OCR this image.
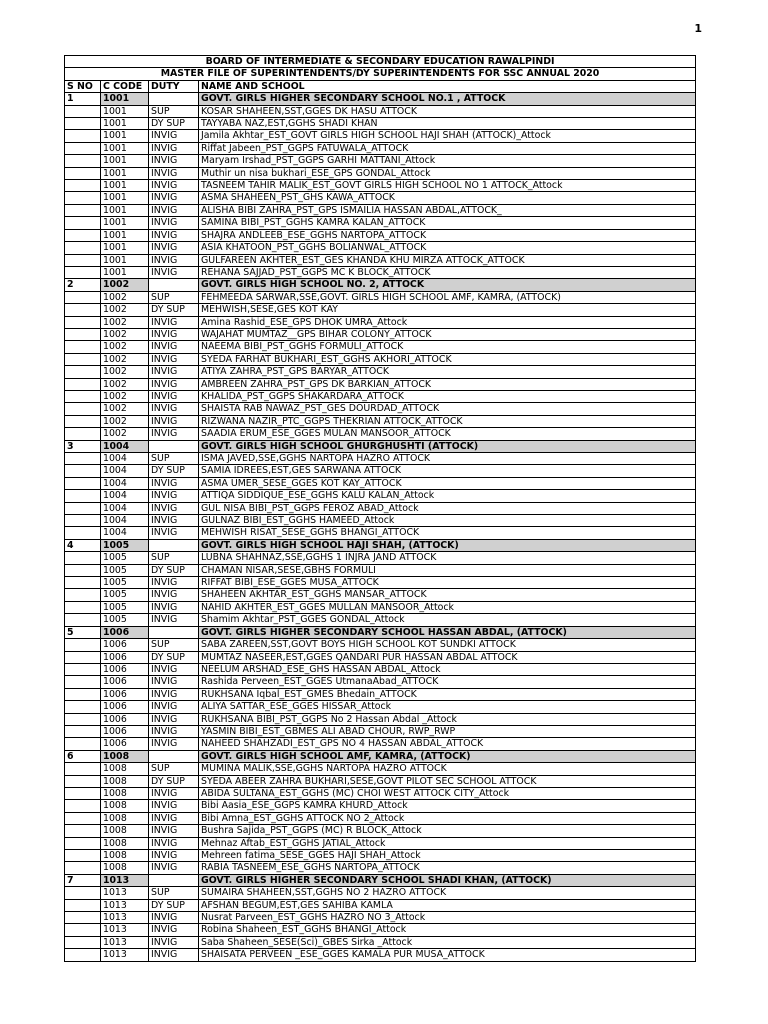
1
BOARD OF INTERMEDIATE & SECONDARY EDUCATION RAWALPINDI			
MASTER FILE OF SUPERINTENDENTS/DY SUPERINTENDENTS FOR SSC ANNUAL 2020			
S NO	C CODE	DUTY	NAME AND SCHOOL
1	1001		GOVT. GIRLS HIGHER SECONDARY SCHOOL NO.1 , ATTOCK
	1001	SUP	KOSAR SHAHEEN,SST,GGES DK HASU ATTOCK
	1001	DY SUP	TAYYABA NAZ,EST,GGHS SHADI KHAN
	1001	INVIG	Jamila Akhtar_EST_GOVT GIRLS HIGH SCHOOL HAJI SHAH (ATTOCK)_Attock
	1001	INVIG	Riffat Jabeen_PST_GGPS FATUWALA_ATTOCK
	1001	INVIG	Maryam Irshad_PST_GGPS GARHI MATTANI_Attock
	1001	INVIG	Muthir un nisa bukhari_ESE_GPS GONDAL_Attock
	1001	INVIG	TASNEEM TAHIR MALIK_EST_GOVT GIRLS HIGH SCHOOL NO 1 ATTOCK_Attock
	1001	INVIG	ASMA SHAHEEN_PST_GHS KAWA_ATTOCK
	1001	INVIG	ALISHA BIBI ZAHRA_PST_GPS ISMAILIA HASSAN ABDAL,ATTOCK_
	1001	INVIG	SAMINA BIBI_PST_GGHS KAMRA KALAN_ATTOCK
	1001	INVIG	SHAJRA ANDLEEB_ESE_GGHS NARTOPA_ATTOCK
	1001	INVIG	ASIA KHATOON_PST_GGHS BOLIANWAL_ATTOCK
	1001	INVIG	GULFAREEN AKHTER_EST_GES KHANDA KHU MIRZA ATTOCK_ATTOCK
	1001	INVIG	REHANA SAJJAD_PST_GGPS MC K BLOCK_ATTOCK
2	1002		GOVT. GIRLS HIGH SCHOOL NO. 2, ATTOCK
	1002	SUP	FEHMEEDA SARWAR,SSE,GOVT. GIRLS HIGH SCHOOL AMF, KAMRA, (ATTOCK)
	1002	DY SUP	MEHWISH,SESE,GES KOT KAY
	1002	INVIG	Amina Rashid_ESE_GPS DHOK UMRA_Attock
	1002	INVIG	WAJAHAT MUMTAZ__GPS BIHAR COLONY_ATTOCK
	1002	INVIG	NAEEMA BIBI_PST_GGHS FORMULI_ATTOCK
	1002	INVIG	SYEDA FARHAT BUKHARI_EST_GGHS AKHORI_ATTOCK
	1002	INVIG	ATIYA ZAHRA_PST_GPS BARYAR_ATTOCK
	1002	INVIG	AMBREEN ZAHRA_PST_GPS DK BARKIAN_ATTOCK
	1002	INVIG	KHALIDA_PST_GGPS SHAKARDARA_ATTOCK
	1002	INVIG	SHAISTA RAB NAWAZ_PST_GES DOURDAD_ATTOCK
	1002	INVIG	RIZWANA NAZIR_PTC_GGPS THEKRIAN ATTOCK_ATTOCK
	1002	INVIG	SAADIA ERUM_ESE_GGES MULAN MANSOOR_ATTOCK
3	1004		GOVT. GIRLS HIGH SCHOOL GHURGHUSHTI (ATTOCK)
	1004	SUP	ISMA JAVED,SSE,GGHS NARTOPA HAZRO ATTOCK
	1004	DY SUP	SAMIA IDREES,EST,GES SARWANA ATTOCK
	1004	INVIG	ASMA UMER_SESE_GGES KOT KAY_ATTOCK
	1004	INVIG	ATTIQA SIDDIQUE_ESE_GGHS KALU KALAN_Attock
	1004	INVIG	GUL NISA BIBI_PST_GGPS FEROZ ABAD_Attock
	1004	INVIG	GULNAZ BIBI_EST_GGHS HAMEED_Attock
	1004	INVIG	MEHWISH RISAT_SESE_GGHS BHANGI_ATTOCK
4	1005		GOVT. GIRLS HIGH SCHOOL HAJI SHAH, (ATTOCK)
	1005	SUP	LUBNA SHAHNAZ,SSE,GGHS 1 INJRA JAND ATTOCK
	1005	DY SUP	CHAMAN NISAR,SESE,GBHS FORMULI
	1005	INVIG	RIFFAT BIBI_ESE_GGES MUSA_ATTOCK
	1005	INVIG	SHAHEEN AKHTAR_EST_GGHS MANSAR_ATTOCK
	1005	INVIG	NAHID AKHTER_EST_GGES MULLAN MANSOOR_Attock
	1005	INVIG	Shamim Akhtar_PST_GGES GONDAL_Attock
5	1006		GOVT. GIRLS HIGHER SECONDARY SCHOOL HASSAN ABDAL, (ATTOCK)
	1006	SUP	SABA ZAREEN,SST,GOVT BOYS HIGH SCHOOL KOT SUNDKI ATTOCK
	1006	DY SUP	MUMTAZ NASEER,EST,GGES QANDARI PUR HASSAN ABDAL ATTOCK
	1006	INVIG	NEELUM ARSHAD_ESE_GHS HASSAN ABDAL_Attock
	1006	INVIG	Rashida Perveen_EST_GGES UtmanaAbad_ATTOCK
	1006	INVIG	RUKHSANA Iqbal_EST_GMES Bhedain_ATTOCK
	1006	INVIG	ALIYA SATTAR_ESE_GGES HISSAR_Attock
	1006	INVIG	RUKHSANA BIBI_PST_GGPS No 2 Hassan Abdal _Attock
	1006	INVIG	YASMIN BIBI_EST_GBMES ALI ABAD CHOUR, RWP_RWP
	1006	INVIG	NAHEED SHAHZADI_EST_GPS NO 4 HASSAN ABDAL_ATTOCK
6	1008		GOVT. GIRLS HIGH SCHOOL AMF, KAMRA, (ATTOCK)
	1008	SUP	MUMINA MALIK,SSE,GGHS NARTOPA HAZRO ATTOCK
	1008	DY SUP	SYEDA ABEER ZAHRA BUKHARI,SESE,GOVT PILOT SEC SCHOOL ATTOCK
	1008	INVIG	ABIDA SULTANA_EST_GGHS (MC) CHOI WEST ATTOCK CITY_Attock
	1008	INVIG	Bibi Aasia_ESE_GGPS KAMRA KHURD_Attock
	1008	INVIG	Bibi Amna_EST_GGHS ATTOCK NO 2_Attock
	1008	INVIG	Bushra Sajida_PST_GGPS (MC) R BLOCK_Attock
	1008	INVIG	Mehnaz Aftab_EST_GGHS JATIAL_Attock
	1008	INVIG	Mehreen fatima_SESE_GGES HAJI SHAH_Attock
	1008	INVIG	RABIA TASNEEM_ESE_GGHS NARTOPA_ATTOCK
7	1013		GOVT. GIRLS HIGHER SECONDARY SCHOOL SHADI KHAN, (ATTOCK)
	1013	SUP	SUMAIRA SHAHEEN,SST,GGHS NO 2 HAZRO ATTOCK
	1013	DY SUP	AFSHAN BEGUM,EST,GES SAHIBA KAMLA
	1013	INVIG	Nusrat Parveen_EST_GGHS HAZRO NO 3_Attock
	1013	INVIG	Robina Shaheen_EST_GGHS BHANGI_Attock
	1013	INVIG	Saba Shaheen_SESE(Sci)_GBES Sirka _Attock
	1013	INVIG	SHAISATA PERVEEN _ESE_GGES KAMALA PUR MUSA_ATTOCK
